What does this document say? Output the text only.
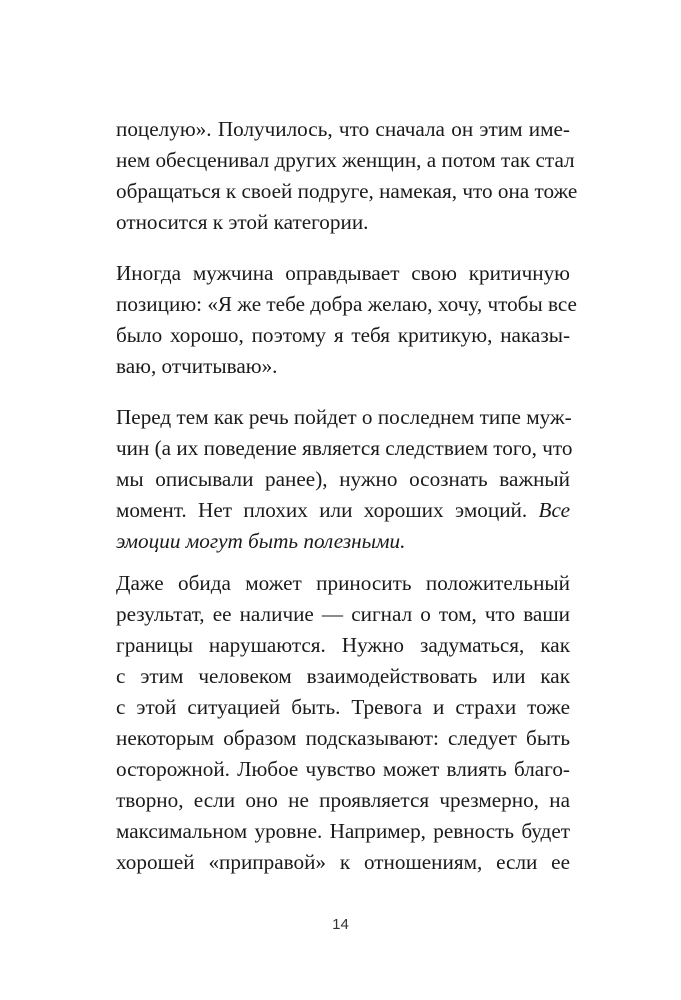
поцелую». Получилось, что сначала он этим име-
нем обесценивал других женщин, а потом так стал
обращаться к своей подруге, намекая, что она тоже
относится к этой категории.
Иногда мужчина оправдывает свою критичную
позицию: «Я же тебе добра желаю, хочу, чтобы все
было хорошо, поэтому я тебя критикую, наказы-
ваю, отчитываю».
Перед тем как речь пойдет о последнем типе муж-
чин (а их поведение является следствием того, что
мы описывали ранее), нужно осознать важный
момент. Нет плохих или хороших эмоций. Все
эмоции могут быть полезными.
Даже обида может приносить положительный
результат, ее наличие — сигнал о том, что ваши
границы нарушаются. Нужно задуматься, как
с этим человеком взаимодействовать или как
с этой ситуацией быть. Тревога и страхи тоже
некоторым образом подсказывают: следует быть
осторожной. Любое чувство может влиять благо-
творно, если оно не проявляется чрезмерно, на
максимальном уровне. Например, ревность будет
хорошей «приправой» к отношениям, если ее
14
